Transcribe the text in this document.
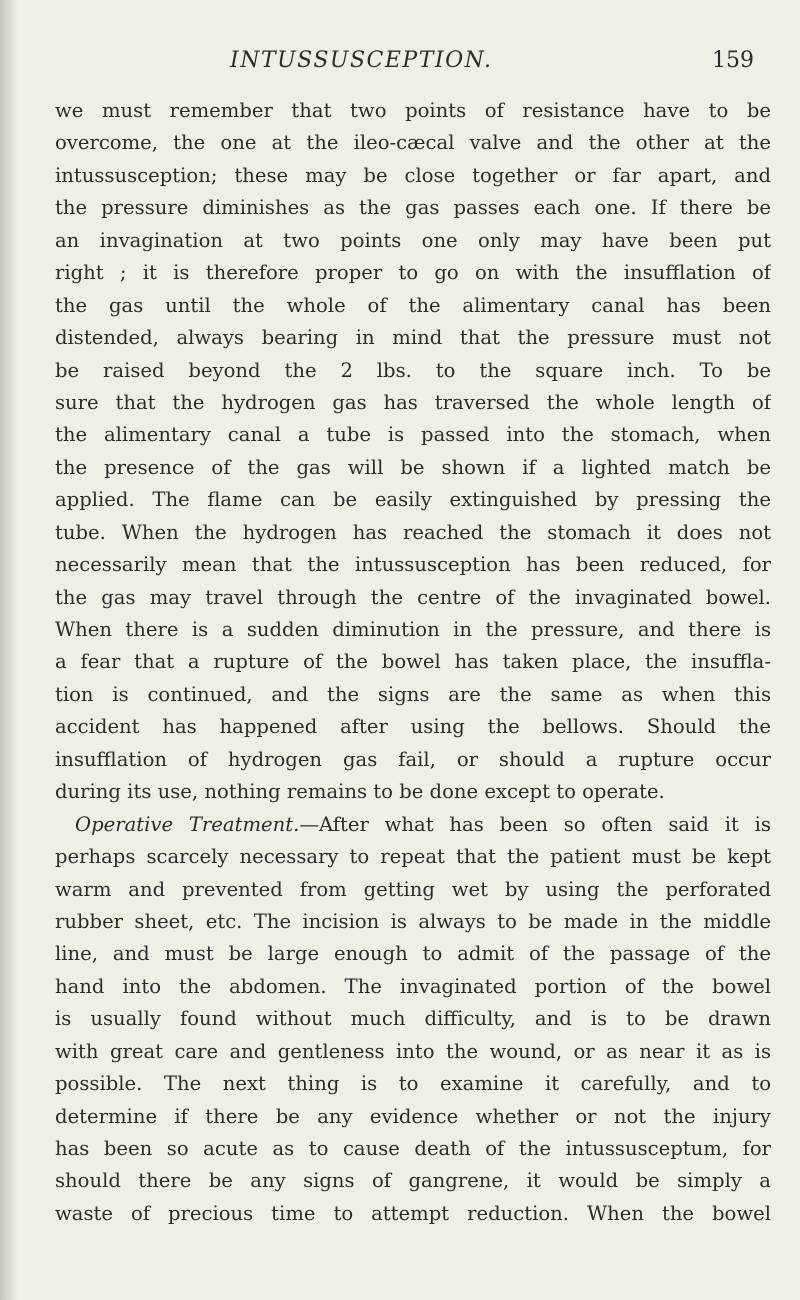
INTUSSUSCEPTION.	159
we must remember that two points of resistance have to be
overcome, the one at the ileo-cæcal valve and the other at the
intussusception; these may be close together or far apart, and
the pressure diminishes as the gas passes each one. If there be
an invagination at two points one only may have been put
right ; it is therefore proper to go on with the insufflation of
the gas until the whole of the alimentary canal has been
distended, always bearing in mind that the pressure must not
be raised beyond the 2 lbs. to the square inch. To be
sure that the hydrogen gas has traversed the whole length of
the alimentary canal a tube is passed into the stomach, when
the presence of the gas will be shown if a lighted match be
applied. The flame can be easily extinguished by pressing the
tube. When the hydrogen has reached the stomach it does not
necessarily mean that the intussusception has been reduced, for
the gas may travel through the centre of the invaginated bowel.
When there is a sudden diminution in the pressure, and there is
a fear that a rupture of the bowel has taken place, the insuffla-
tion is continued, and the signs are the same as when this
accident has happened after using the bellows. Should the
insufflation of hydrogen gas fail, or should a rupture occur
during its use, nothing remains to be done except to operate.
Operative Treatment.—After what has been so often said it is
perhaps scarcely necessary to repeat that the patient must be kept
warm and prevented from getting wet by using the perforated
rubber sheet, etc. The incision is always to be made in the middle
line, and must be large enough to admit of the passage of the
hand into the abdomen. The invaginated portion of the bowel
is usually found without much difficulty, and is to be drawn
with great care and gentleness into the wound, or as near it as is
possible. The next thing is to examine it carefully, and to
determine if there be any evidence whether or not the injury
has been so acute as to cause death of the intussusceptum, for
should there be any signs of gangrene, it would be simply a
waste of precious time to attempt reduction. When the bowel
